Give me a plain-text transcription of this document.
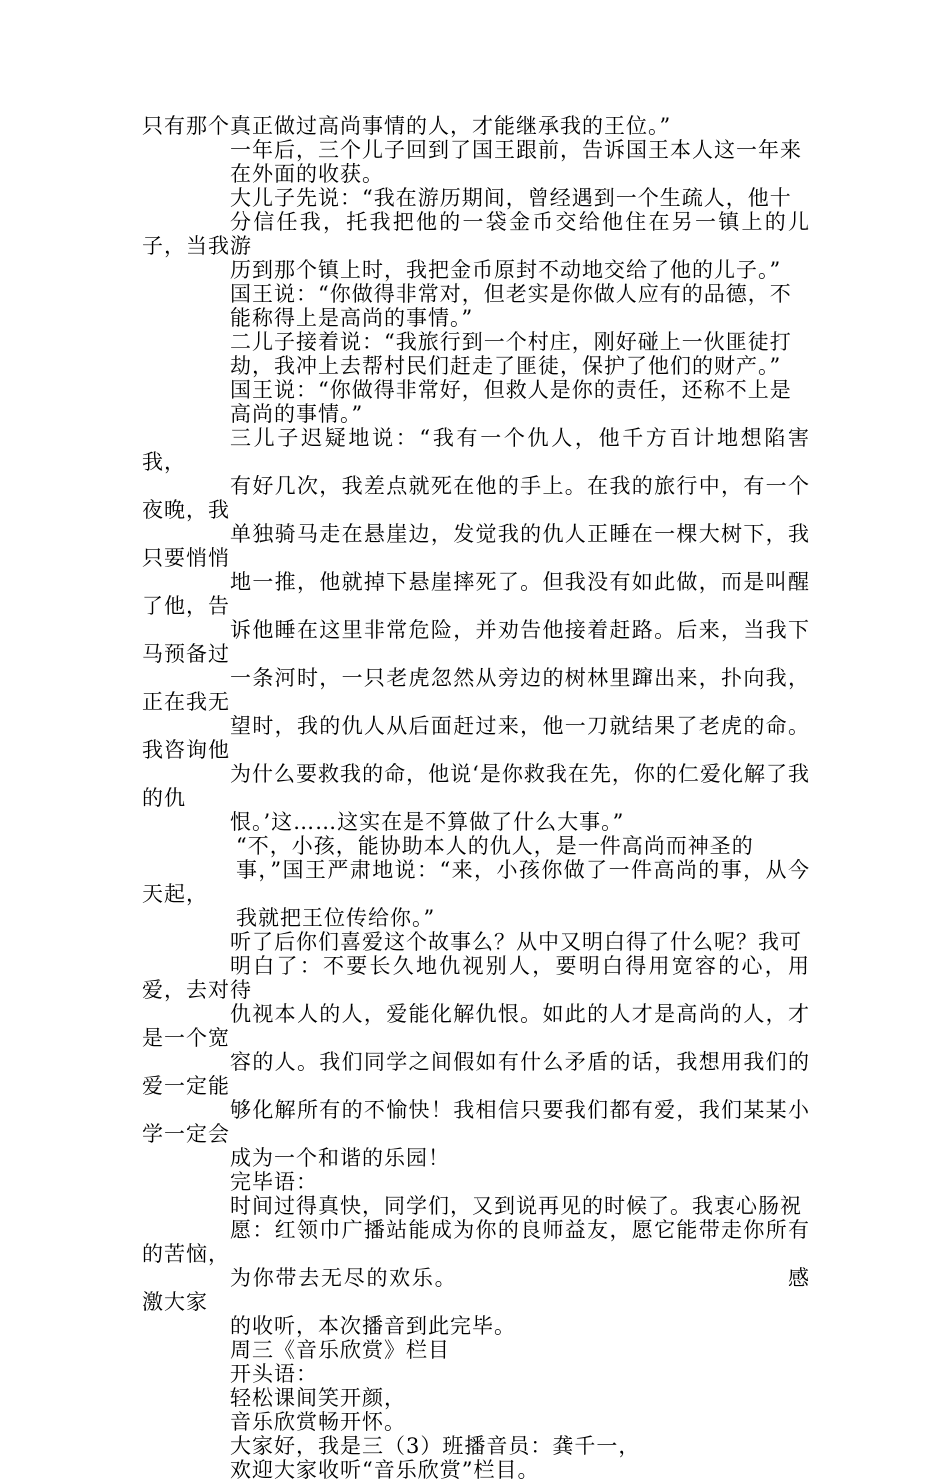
只有那个真正做过高尚事情的人，才能继承我的王位。”

一年后，三个儿子回到了国王跟前，告诉国王本人这一年来
在外面的收获。

大儿子先说：“我在游历期间，曾经遇到一个生疏人，他十
分信任我，托我把他的一袋金币交给他住在另一镇上的儿子，当我游
历到那个镇上时，我把金币原封不动地交给了他的儿子。”

国王说：“你做得非常对，但老实是你做人应有的品德，不
能称得上是高尚的事情。”

二儿子接着说：“我旅行到一个村庄，刚好碰上一伙匪徒打
劫，我冲上去帮村民们赶走了匪徒，保护了他们的财产。”

国王说：“你做得非常好，但救人是你的责任，还称不上是
高尚的事情。”

三儿子迟疑地说：“我有一个仇人，他千方百计地想陷害我，
有好几次，我差点就死在他的手上。在我的旅行中，有一个夜晚，我
单独骑马走在悬崖边，发觉我的仇人正睡在一棵大树下，我只要悄悄
地一推，他就掉下悬崖摔死了。但我没有如此做，而是叫醒了他，告
诉他睡在这里非常危险，并劝告他接着赶路。后来，当我下马预备过
一条河时，一只老虎忽然从旁边的树林里蹿出来，扑向我，正在我无
望时，我的仇人从后面赶过来，他一刀就结果了老虎的命。我咨询他
为什么要救我的命，他说‘是你救我在先，你的仁爱化解了我的仇
恨。’这……这实在是不算做了什么大事。”

“不，小孩，能协助本人的仇人，是一件高尚而神圣的
事，”国王严肃地说：“来，小孩你做了一件高尚的事，从今天起，
我就把王位传给你。”

听了后你们喜爱这个故事么？从中又明白得了什么呢？我可
明白了：不要长久地仇视别人，要明白得用宽容的心，用爱，去对待
仇视本人的人，爱能化解仇恨。如此的人才是高尚的人，才是一个宽
容的人。我们同学之间假如有什么矛盾的话，我想用我们的爱一定能
够化解所有的不愉快！我相信只要我们都有爱，我们某某小学一定会
成为一个和谐的乐园！

完毕语：

时间过得真快，同学们，又到说再见的时候了。我衷心肠祝
愿：红领巾广播站能成为你的良师益友，愿它能带走你所有的苦恼，
为你带去无尽的欢乐。　　　　　　　　　　　　　　　感激大家
的收听，本次播音到此完毕。

周三《音乐欣赏》栏目

开头语：

轻松课间笑开颜，

音乐欣赏畅开怀。

大家好，我是三（3）班播音员：龚千一，

欢迎大家收听“音乐欣赏”栏目。
